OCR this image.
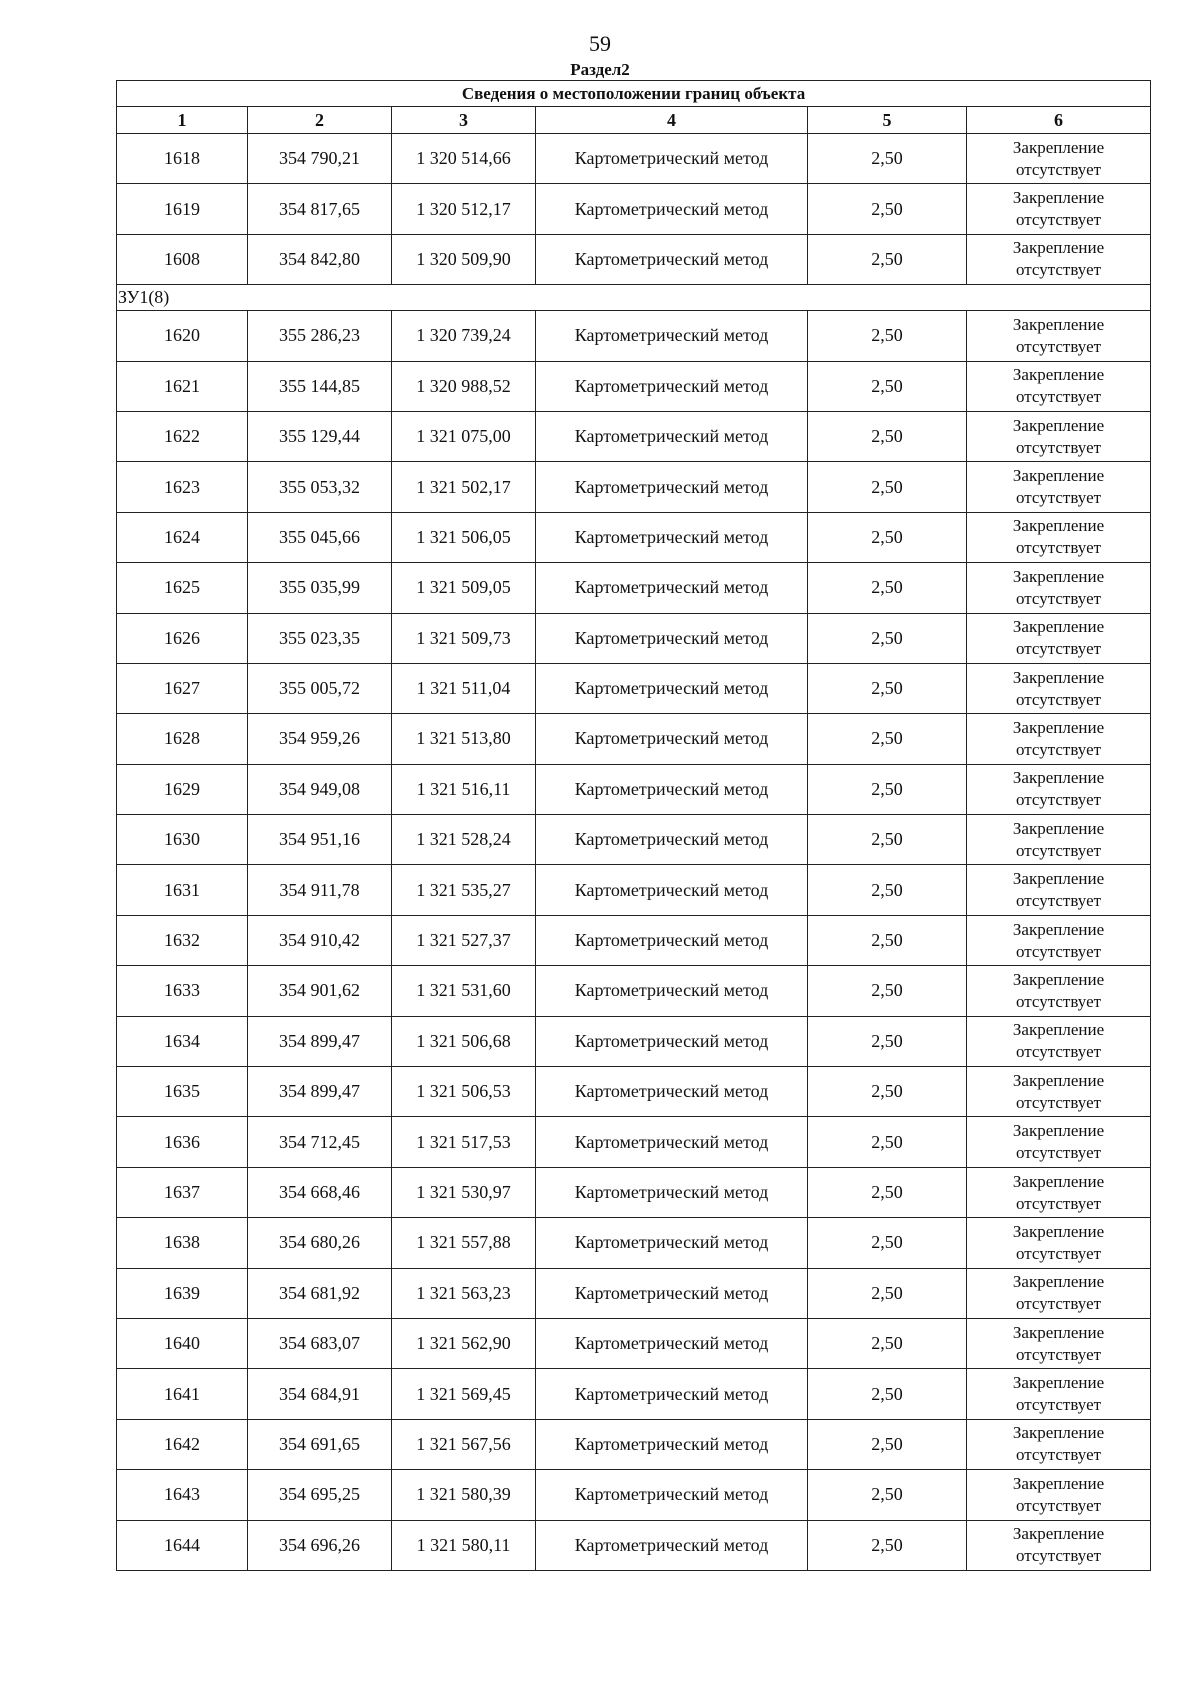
59
Раздел2
Сведения о местоположении границ объекта					
1	2	3	4	5	6
1618	354 790,21	1 320 514,66	Картометрический метод	2,50	Закрепление
отсутствует

1619	354 817,65	1 320 512,17	Картометрический метод	2,50	Закрепление
отсутствует

1608	354 842,80	1 320 509,90	Картометрический метод	2,50	Закрепление
отсутствует

ЗУ1(8)					
1620	355 286,23	1 320 739,24	Картометрический метод	2,50	Закрепление
отсутствует

1621	355 144,85	1 320 988,52	Картометрический метод	2,50	Закрепление
отсутствует

1622	355 129,44	1 321 075,00	Картометрический метод	2,50	Закрепление
отсутствует

1623	355 053,32	1 321 502,17	Картометрический метод	2,50	Закрепление
отсутствует

1624	355 045,66	1 321 506,05	Картометрический метод	2,50	Закрепление
отсутствует

1625	355 035,99	1 321 509,05	Картометрический метод	2,50	Закрепление
отсутствует

1626	355 023,35	1 321 509,73	Картометрический метод	2,50	Закрепление
отсутствует

1627	355 005,72	1 321 511,04	Картометрический метод	2,50	Закрепление
отсутствует

1628	354 959,26	1 321 513,80	Картометрический метод	2,50	Закрепление
отсутствует

1629	354 949,08	1 321 516,11	Картометрический метод	2,50	Закрепление
отсутствует

1630	354 951,16	1 321 528,24	Картометрический метод	2,50	Закрепление
отсутствует

1631	354 911,78	1 321 535,27	Картометрический метод	2,50	Закрепление
отсутствует

1632	354 910,42	1 321 527,37	Картометрический метод	2,50	Закрепление
отсутствует

1633	354 901,62	1 321 531,60	Картометрический метод	2,50	Закрепление
отсутствует

1634	354 899,47	1 321 506,68	Картометрический метод	2,50	Закрепление
отсутствует

1635	354 899,47	1 321 506,53	Картометрический метод	2,50	Закрепление
отсутствует

1636	354 712,45	1 321 517,53	Картометрический метод	2,50	Закрепление
отсутствует

1637	354 668,46	1 321 530,97	Картометрический метод	2,50	Закрепление
отсутствует

1638	354 680,26	1 321 557,88	Картометрический метод	2,50	Закрепление
отсутствует

1639	354 681,92	1 321 563,23	Картометрический метод	2,50	Закрепление
отсутствует

1640	354 683,07	1 321 562,90	Картометрический метод	2,50	Закрепление
отсутствует

1641	354 684,91	1 321 569,45	Картометрический метод	2,50	Закрепление
отсутствует

1642	354 691,65	1 321 567,56	Картометрический метод	2,50	Закрепление
отсутствует

1643	354 695,25	1 321 580,39	Картометрический метод	2,50	Закрепление
отсутствует

1644	354 696,26	1 321 580,11	Картометрический метод	2,50	Закрепление
отсутствует
